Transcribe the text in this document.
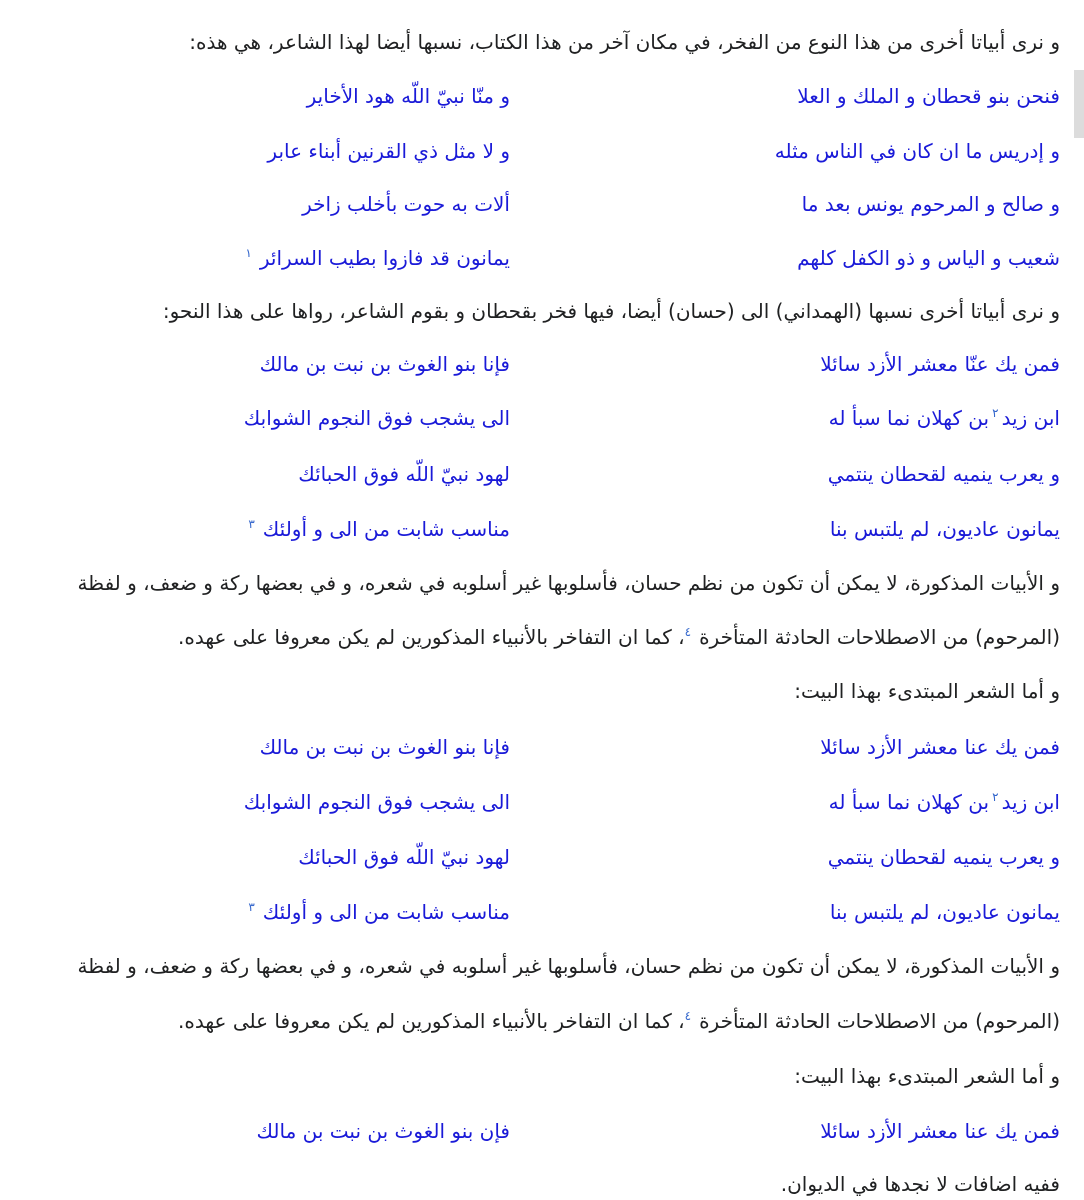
و نرى أبياتا أخرى من هذا النوع من الفخر، في مكان آخر من هذا الكتاب، نسبها أيضا لهذا الشاعر، هي هذه:

فنحن بنو قحطان و الملك و العلا
و منّا نبيّ اللّه هود الأخاير
و إدريس ما ان كان في الناس مثله
و لا مثل ذي القرنين أبناء عابر
و صالح و المرحوم يونس بعد ما
ألات به حوت بأخلب زاخر
شعيب و الياس و ذو الكفل كلهم
يمانون قد فازوا بطيب السرائر$^١$

و نرى أبياتا أخرى نسبها (الهمداني) الى (حسان) أيضا، فيها فخر بقحطان و بقوم الشاعر، رواها على هذا النحو:

فمن يك عنّا معشر الأزد سائلا
فإنا بنو الغوث بن نبت بن مالك
ابن زيد$^٢$بن كهلان نما سبأ له
الى يشجب فوق النجوم الشوابك
و يعرب ينميه لقحطان ينتمي
لهود نبيّ اللّه فوق الحبائك
يمانون عاديون، لم يلتبس بنا
مناسب شابت من الى و أولئك$^٣$

و الأبيات المذكورة، لا يمكن أن تكون من نظم حسان، فأسلوبها غير أسلوبه في شعره، و في بعضها ركة و ضعف، و لفظة

(المرحوم) من الاصطلاحات الحادثة المتأخرة$^٤$، كما ان التفاخر بالأنبياء المذكورين لم يكن معروفا على عهده.

و أما الشعر المبتدىء بهذا البيت:

فمن يك عنا معشر الأزد سائلا
فإنا بنو الغوث بن نبت بن مالك
ابن زيد$^٢$بن كهلان نما سبأ له
الى يشجب فوق النجوم الشوابك
و يعرب ينميه لقحطان ينتمي
لهود نبيّ اللّه فوق الحبائك
يمانون عاديون، لم يلتبس بنا
مناسب شابت من الى و أولئك$^٣$

و الأبيات المذكورة، لا يمكن أن تكون من نظم حسان، فأسلوبها غير أسلوبه في شعره، و في بعضها ركة و ضعف، و لفظة

(المرحوم) من الاصطلاحات الحادثة المتأخرة$^٤$، كما ان التفاخر بالأنبياء المذكورين لم يكن معروفا على عهده.

و أما الشعر المبتدىء بهذا البيت:

فمن يك عنا معشر الأزد سائلا
فإن بنو الغوث بن نبت بن مالك

ففيه اضافات لا نجدها في الديوان.
